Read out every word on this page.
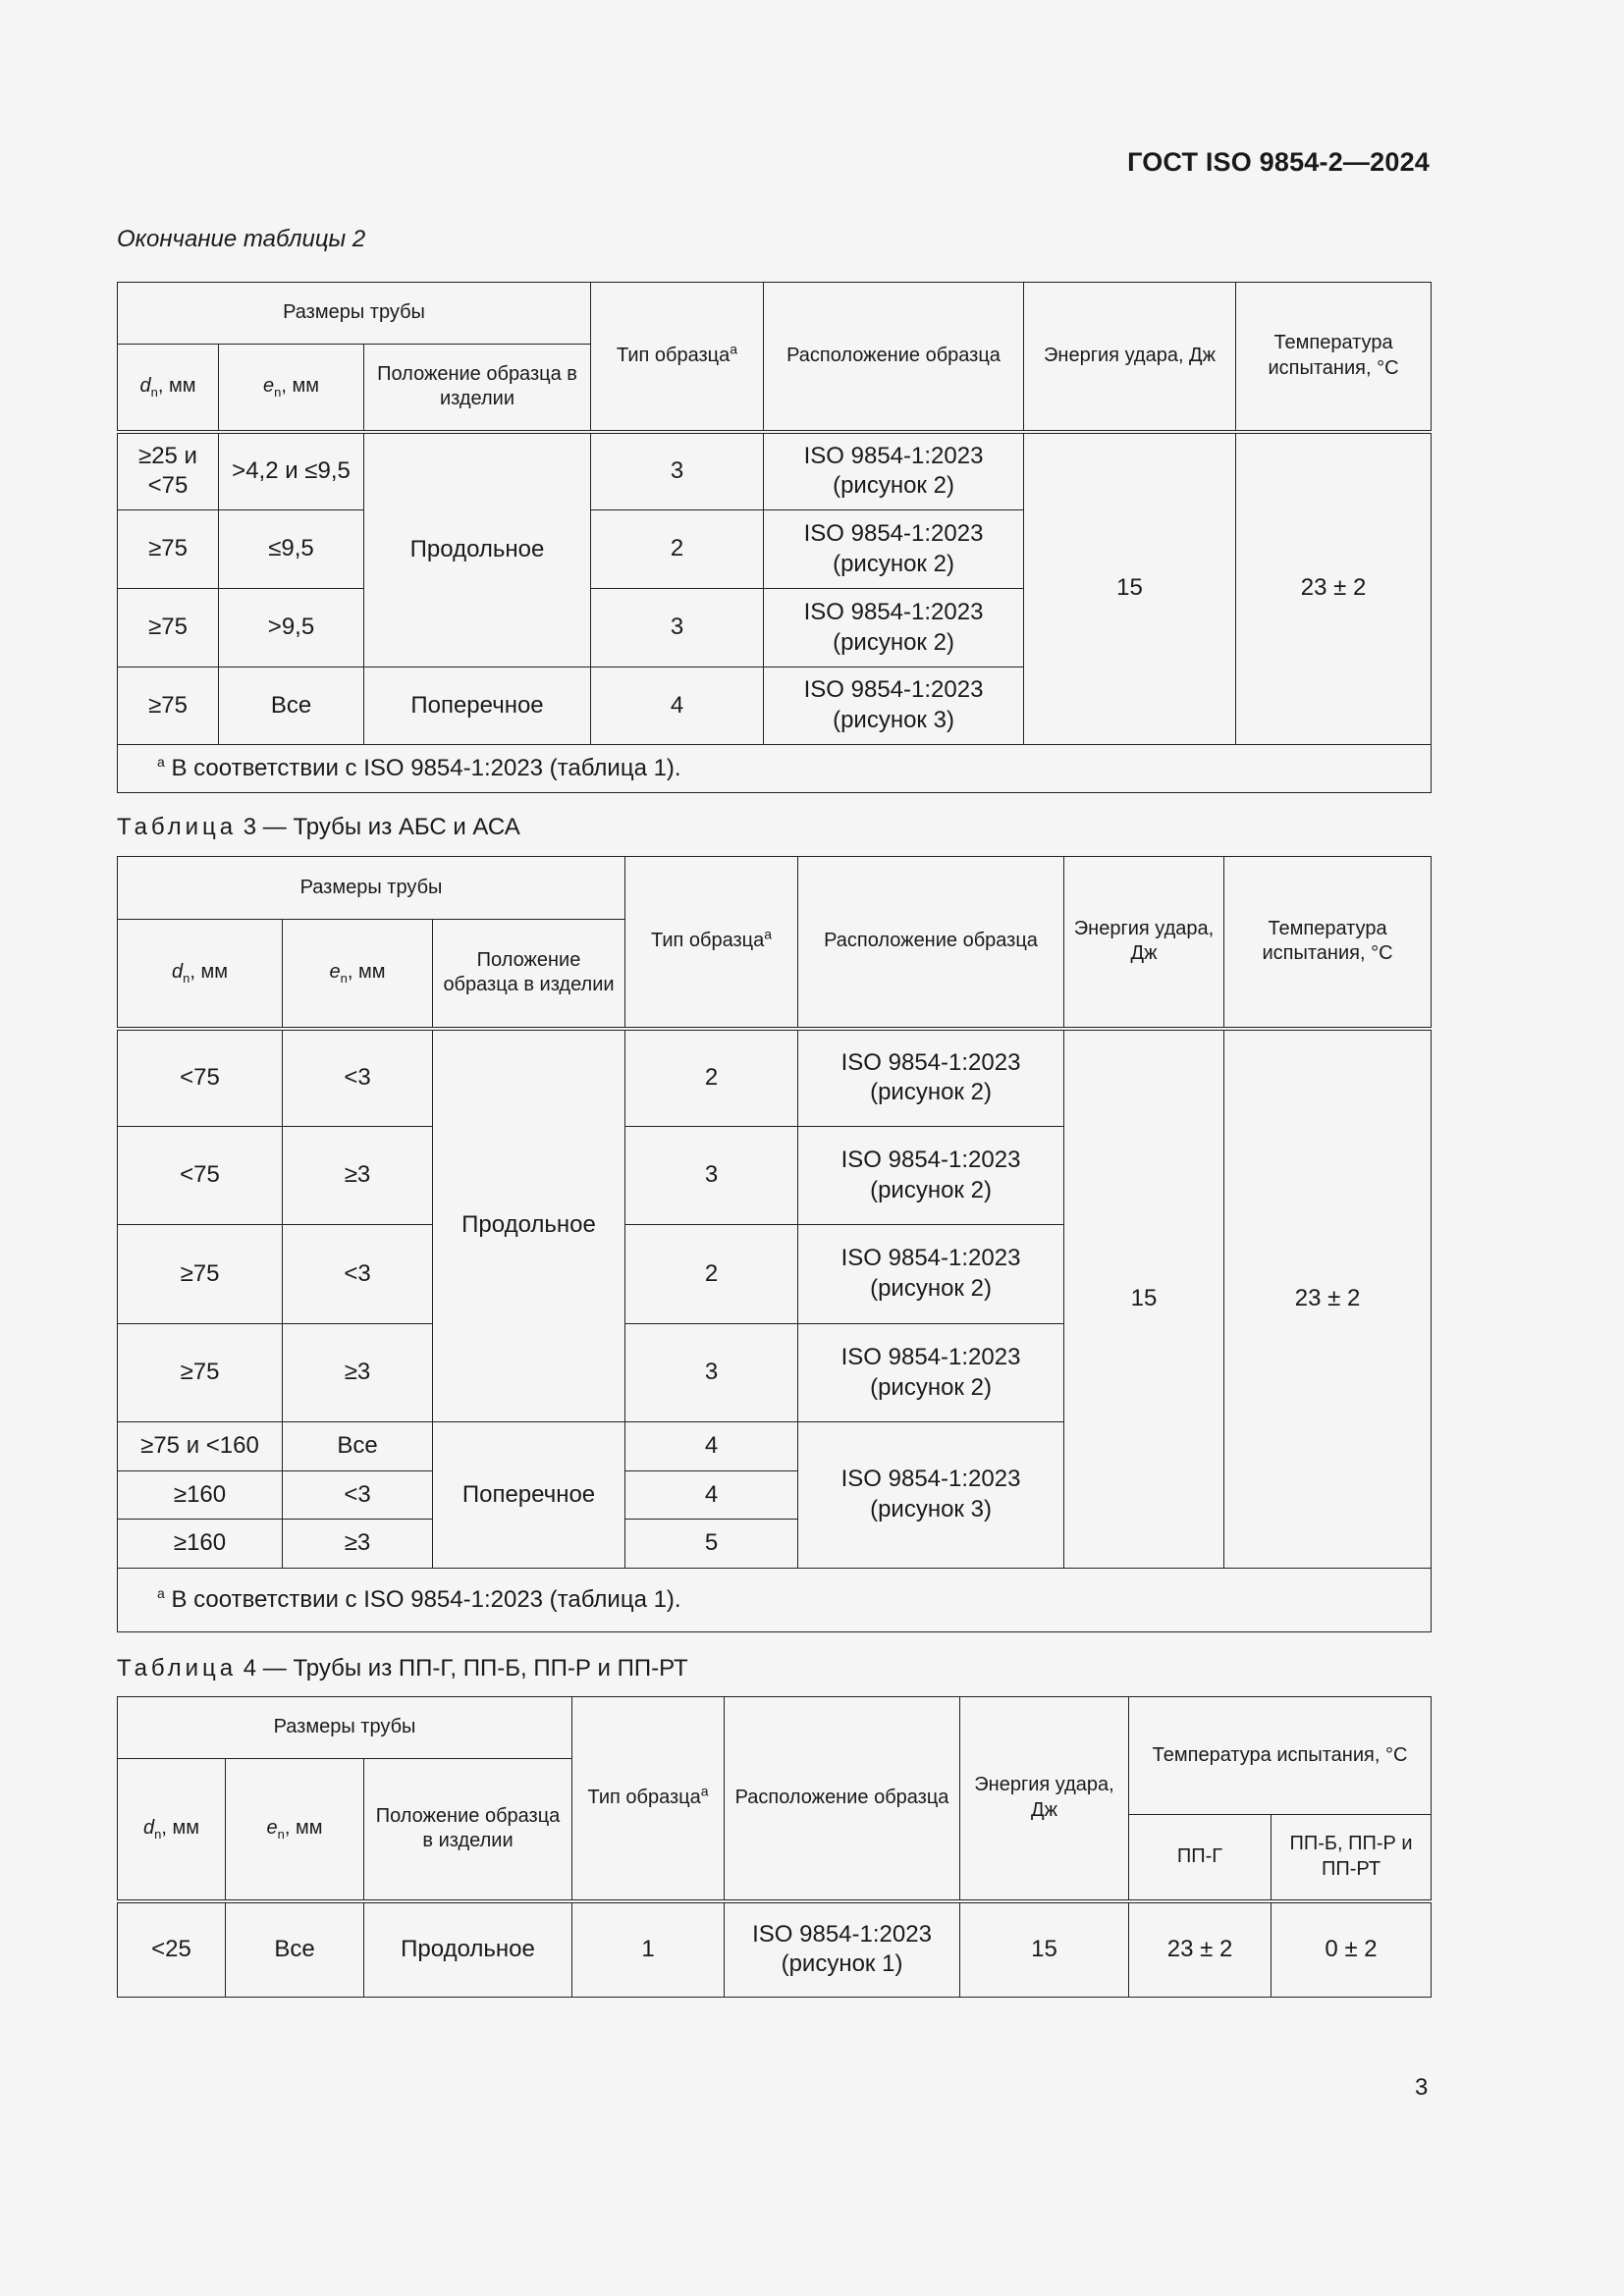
ГОСТ ISO 9854-2—2024
Окончание таблицы 2
Размеры трубы			Тип образца$^a$	Расположение образца	Энергия удара, Дж	Температура испытания, °C
$d_n$, мм	$e_n$, мм	Положение образца в изделии				
≥25 и <75	>4,2 и ≤9,5	Продольное	3	ISO 9854-1:2023 (рисунок 2)	15	23 ± 2
≥75	≤9,5		2	ISO 9854-1:2023 (рисунок 2)		
≥75	>9,5		3	ISO 9854-1:2023 (рисунок 2)		
≥75	Все	Поперечное	4	ISO 9854-1:2023 (рисунок 3)		
$^a$ В соответствии с ISO 9854-1:2023 (таблица 1).						
Таблица 3 — Трубы из АБС и АСА
Размеры трубы			Тип образца$^a$	Расположение образца	Энергия удара, Дж	Температура испытания, °C
$d_n$, мм	$e_n$, мм	Положение образца в изделии				
<75	<3	Продольное	2	ISO 9854-1:2023 (рисунок 2)	15	23 ± 2
<75	≥3		3	ISO 9854-1:2023 (рисунок 2)		
≥75	<3		2	ISO 9854-1:2023 (рисунок 2)		
≥75	≥3		3	ISO 9854-1:2023 (рисунок 2)		
≥75 и <160	Все	Поперечное	4	ISO 9854-1:2023 (рисунок 3)		
≥160	<3		4			
≥160	≥3		5			
$^a$ В соответствии с ISO 9854-1:2023 (таблица 1).						
Таблица 4 — Трубы из ПП-Г, ПП-Б, ПП-Р и ПП-РТ
Размеры трубы			Тип образца$^a$	Расположение образца	Энергия удара, Дж	Температура испытания, °C	
$d_n$, мм	$e_n$, мм	Положение образца в изделии					
						ПП-Г	ПП-Б, ПП-Р и ПП-РТ
<25	Все	Продольное	1	ISO 9854-1:2023 (рисунок 1)	15	23 ± 2	0 ± 2
3
